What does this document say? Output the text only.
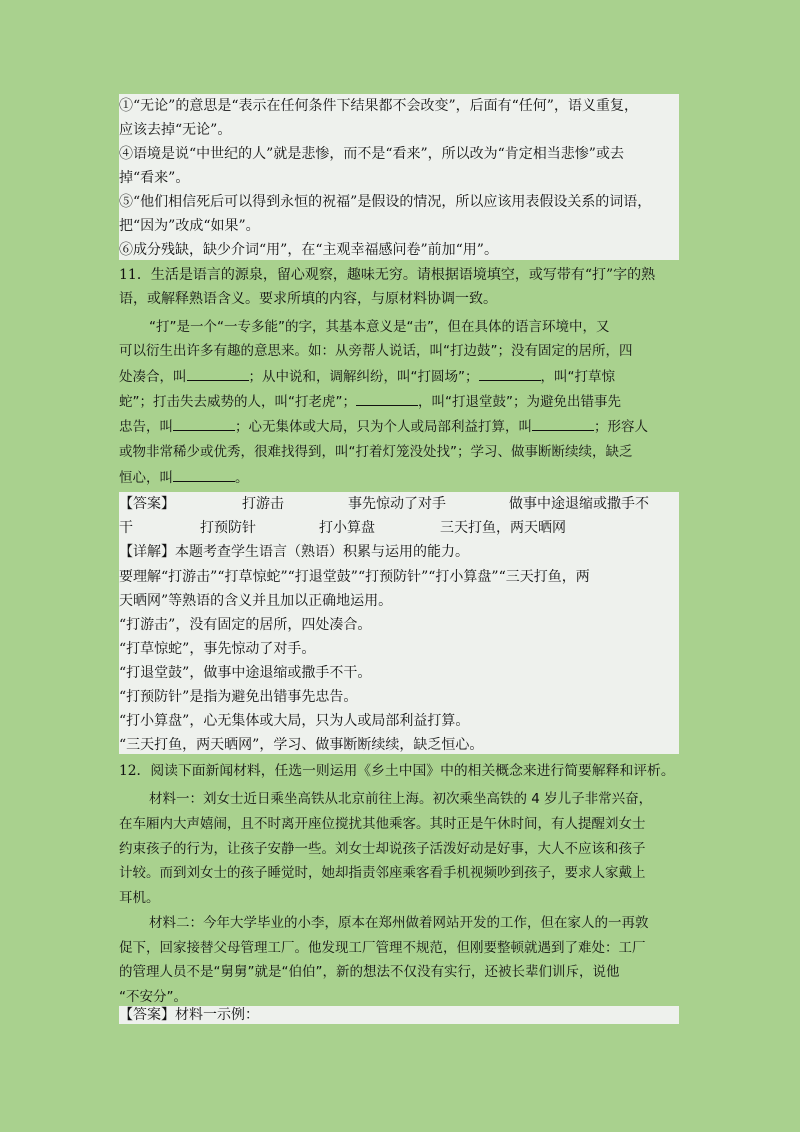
①“无论”的意思是“表示在任何条件下结果都不会改变”，后面有“任何”，语义重复，
应该去掉“无论”。
④语境是说“中世纪的人”就是悲惨，而不是“看来”，所以改为“肯定相当悲惨”或去
掉“看来”。
⑤“他们相信死后可以得到永恒的祝福”是假设的情况，所以应该用表假设关系的词语，
把“因为”改成“如果”。
⑥成分残缺，缺少介词“用”，在“主观幸福感问卷”前加“用”。
11．生活是语言的源泉，留心观察，趣味无穷。请根据语境填空，或写带有“打”字的熟
语，或解释熟语含义。要求所填的内容，与原材料协调一致。
“打”是一个“一专多能”的字，其基本意义是“击”，但在具体的语言环境中，又
可以衍生出许多有趣的意思来。如：从旁帮人说话，叫“打边鼓”；没有固定的居所，四
处凑合，叫	；从中说和，调解纠纷，叫“打圆场”；	，叫“打草惊
蛇”；打击失去威势的人，叫“打老虎”；	，叫“打退堂鼓”；为避免出错事先
忠告，叫	；心无集体或大局，只为个人或局部利益打算，叫	；形容人
或物非常稀少或优秀，很难找得到，叫“打着灯笼没处找”；学习、做事断断续续，缺乏
恒心，叫	。
【答案】	打游击	事先惊动了对手	做事中途退缩或撒手不
干	打预防针	打小算盘	三天打鱼，两天晒网
【详解】本题考查学生语言（熟语）积累与运用的能力。
要理解“打游击”“打草惊蛇”“打退堂鼓”“打预防针”“打小算盘”“三天打鱼，两
天晒网”等熟语的含义并且加以正确地运用。
“打游击”，没有固定的居所，四处凑合。
“打草惊蛇”，事先惊动了对手。
“打退堂鼓”，做事中途退缩或撒手不干。
“打预防针”是指为避免出错事先忠告。
“打小算盘”，心无集体或大局，只为人或局部利益打算。
“三天打鱼，两天晒网”，学习、做事断断续续，缺乏恒心。
12．阅读下面新闻材料，任选一则运用《乡土中国》中的相关概念来进行简要解释和评析。
材料一：刘女士近日乘坐高铁从北京前往上海。初次乘坐高铁的 4 岁儿子非常兴奋，
在车厢内大声嬉闹，且不时离开座位搅扰其他乘客。其时正是午休时间，有人提醒刘女士
约束孩子的行为，让孩子安静一些。刘女士却说孩子活泼好动是好事，大人不应该和孩子
计较。而到刘女士的孩子睡觉时，她却指责邻座乘客看手机视频吵到孩子，要求人家戴上
耳机。
材料二：今年大学毕业的小李，原本在郑州做着网站开发的工作，但在家人的一再敦
促下，回家接替父母管理工厂。他发现工厂管理不规范，但刚要整顿就遇到了难处：工厂
的管理人员不是“舅舅”就是“伯伯”，新的想法不仅没有实行，还被长辈们训斥，说他
“不安分”。
【答案】材料一示例：
